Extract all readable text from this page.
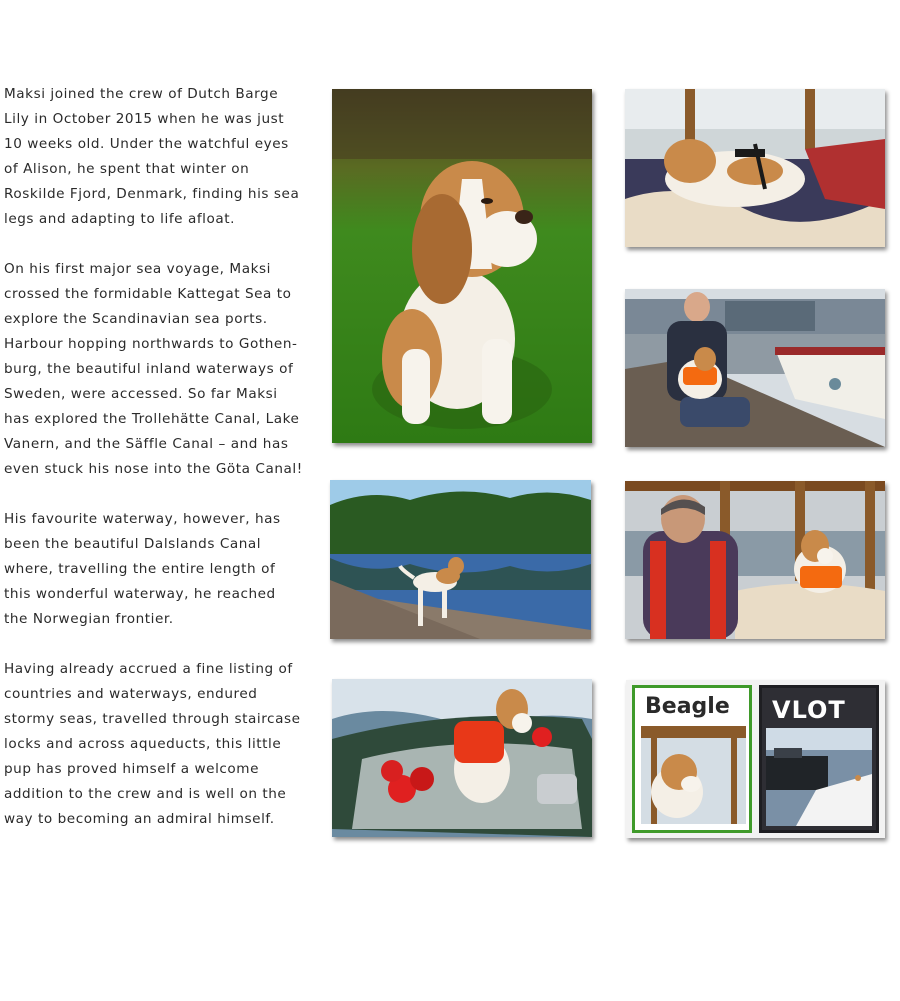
Maksi joined the crew of Dutch Barge Lily in October 2015 when he was just 10 weeks old. Under the watchful eyes of Alison, he spent that winter on Roskilde Fjord, Denmark, finding his sea legs and adapting to life afloat.

On his first major sea voyage, Maksi crossed the formidable Kattegat Sea to explore the Scandinavian sea ports. Harbour hopping northwards to Gothen-burg, the beautiful inland waterways of Sweden, were accessed. So far Maksi has explored the Trollehätte Canal, Lake Vanern, and the Säffle Canal – and has even stuck his nose into the Göta Canal!

His favourite waterway, however, has been the beautiful Dalslands Canal where, travelling the entire length of this wonderful waterway, he reached the Norwegian frontier.

Having already accrued a fine listing of countries and waterways, endured stormy seas, travelled through staircase locks and across aqueducts, this little pup has proved himself a welcome addition to the crew and is well on the way to becoming an admiral himself.

Beagle VLOT
